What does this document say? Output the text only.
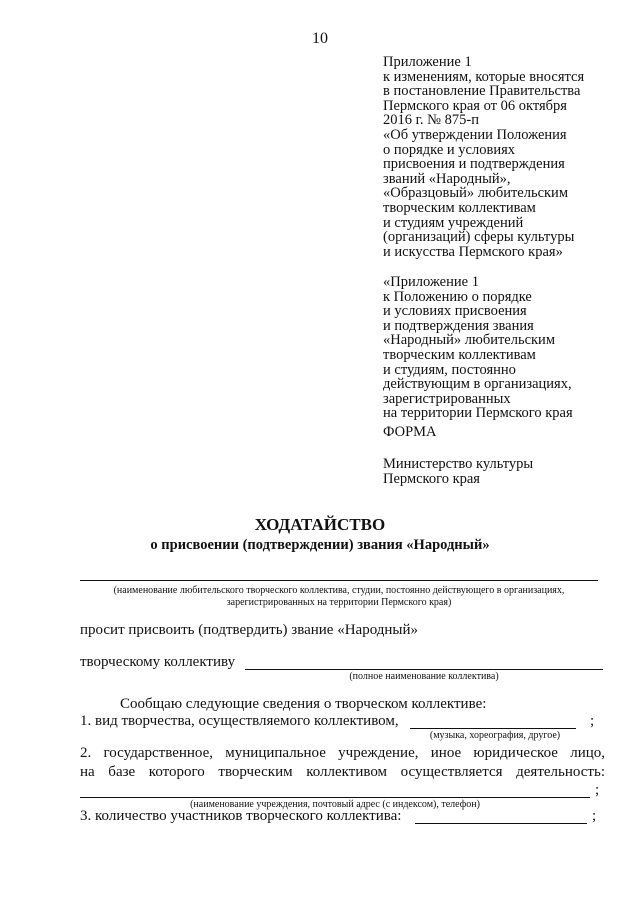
10
Приложение 1
к изменениям, которые вносятся
в постановление Правительства
Пермского края от 06 октября
2016 г. № 875-п
«Об утверждении Положения
о порядке и условиях
присвоения и подтверждения
званий «Народный»,
«Образцовый» любительским
творческим коллективам
и студиям учреждений
(организаций) сферы культуры
и искусства Пермского края»
«Приложение 1
к Положению о порядке
и условиях присвоения
и подтверждения звания
«Народный» любительским
творческим коллективам
и студиям, постоянно
действующим в организациях,
зарегистрированных
на территории Пермского края
ФОРМА
Министерство культуры
Пермского края
ХОДАТАЙСТВО
о присвоении (подтверждении) звания «Народный»
(наименование любительского творческого коллектива, студии, постоянно действующего в организациях,
зарегистрированных на территории Пермского края)
просит присвоить (подтвердить) звание «Народный»
творческому коллективу
(полное наименование коллектива)
Сообщаю следующие сведения о творческом коллективе:
1. вид творчества, осуществляемого коллективом,	;
(музыка, хореография, другое)
2. государственное, муниципальное учреждение, иное юридическое лицо,
на базе которого творческим коллективом осуществляется деятельность:
;
(наименование учреждения, почтовый адрес (с индексом), телефон)
3. количество участников творческого коллектива:	;
